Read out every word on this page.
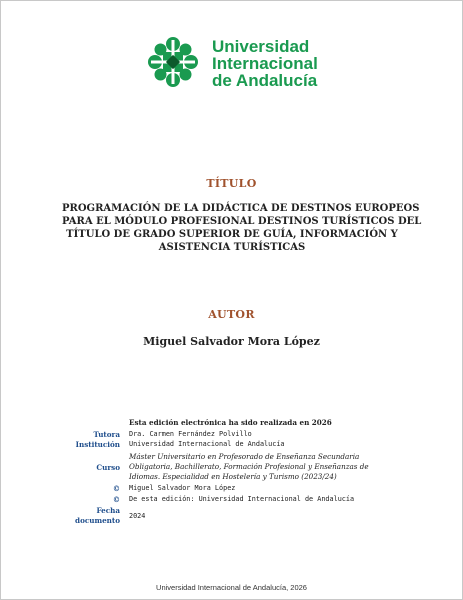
Universidad
Internacional
de Andalucía
TÍTULO
PROGRAMACIÓN DE LA DIDÁCTICA DE DESTINOS EUROPEOS
PARA EL MÓDULO PROFESIONAL DESTINOS TURÍSTICOS DEL
TÍTULO DE GRADO SUPERIOR DE GUÍA, INFORMACIÓN Y
ASISTENCIA TURÍSTICAS
AUTOR
Miguel Salvador Mora López
Esta edición electrónica ha sido realizada en 2026
Tutora Dra. Carmen Fernández Polvillo
Institución Universidad Internacional de Andalucía
Curso
Máster Universitario en Profesorado de Enseñanza Secundaria
Obligatoria, Bachillerato, Formación Profesional y Enseñanzas de
Idiomas. Especialidad en Hostelería y Turismo (2023/24)
© Miguel Salvador Mora López
© De esta edición: Universidad Internacional de Andalucía
Fecha
documento 2024
Universidad Internacional de Andalucía, 2026
